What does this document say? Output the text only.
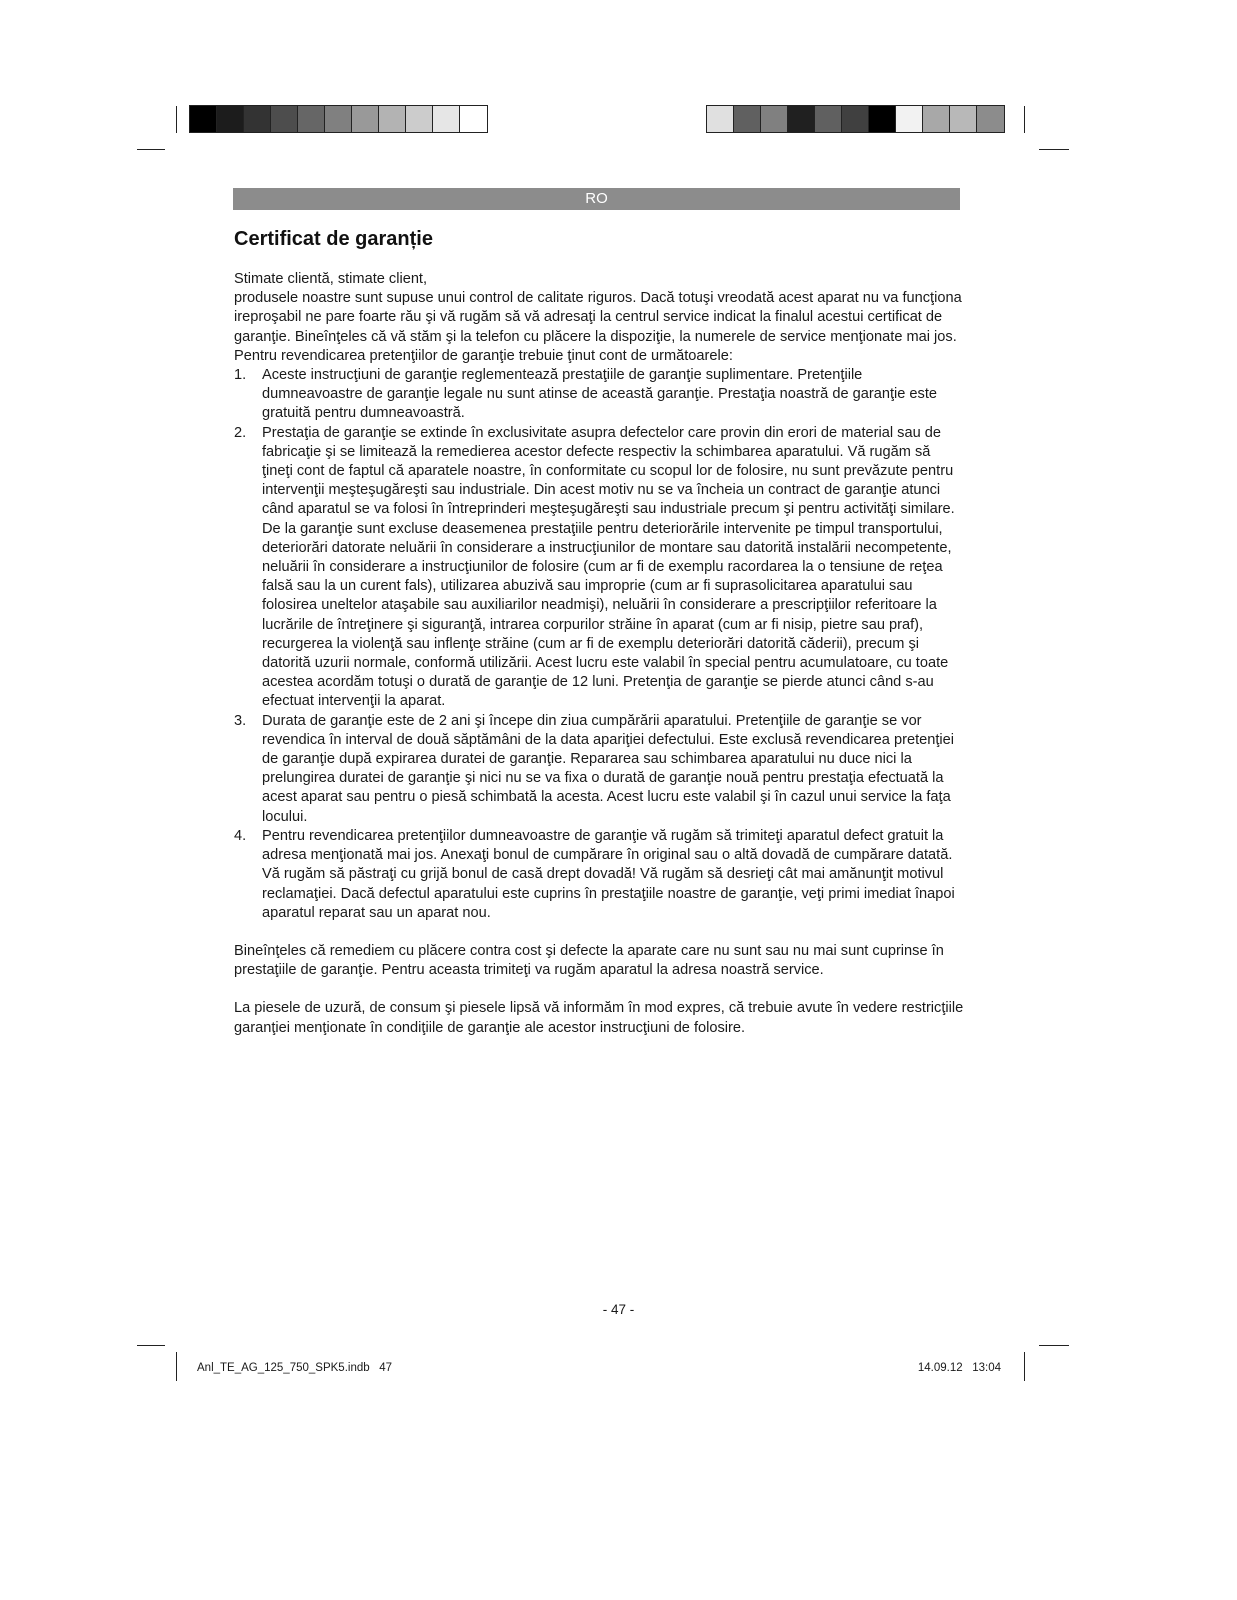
RO
Certificat de garanție

Stimate clientă, stimate client,

produsele noastre sunt supuse unui control de calitate riguros. Dacă totuşi vreodată acest aparat nu va funcţiona ireproşabil ne pare foarte rău şi vă rugăm să vă adresaţi la centrul service indicat la finalul acestui certificat de garanţie. Bineînţeles că vă stăm şi la telefon cu plăcere la dispoziţie, la numerele de service menţionate mai jos. Pentru revendicarea pretenţiilor de garanţie trebuie ţinut cont de următoarele:

1. Aceste instrucţiuni de garanţie reglementează prestaţiile de garanţie suplimentare. Pretenţiile dumneavoastre de garanţie legale nu sunt atinse de această garanţie. Prestaţia noastră de garanţie este gratuită pentru dumneavoastră.
2. Prestaţia de garanţie se extinde în exclusivitate asupra defectelor care provin din erori de material sau de fabricaţie şi se limitează la remedierea acestor defecte respectiv la schimbarea aparatului. Vă rugăm să ţineţi cont de faptul că aparatele noastre, în conformitate cu scopul lor de folosire, nu sunt prevăzute pentru intervenţii meşteşugăreşti sau industriale. Din acest motiv nu se va încheia un contract de garanţie atunci când aparatul se va folosi în întreprinderi meşteşugăreşti sau industriale precum şi pentru activităţi similare. De la garanţie sunt excluse deasemenea prestaţiile pentru deteriorările intervenite pe timpul transportului, deteriorări datorate neluării în considerare a instrucţiunilor de montare sau datorită instalării necompetente, neluării în considerare a instrucţiunilor de folosire (cum ar fi de exemplu racordarea la o tensiune de reţea falsă sau la un curent fals), utilizarea abuzivă sau improprie (cum ar fi suprasolicitarea aparatului sau folosirea uneltelor ataşabile sau auxiliarilor neadmişi), neluării în considerare a prescripţiilor referitoare la lucrările de întreţinere şi siguranţă, intrarea corpurilor străine în aparat (cum ar fi nisip, pietre sau praf), recurgerea la violenţă sau inflenţe străine (cum ar fi de exemplu deteriorări datorită căderii), precum şi datorită uzurii normale, conformă utilizării. Acest lucru este valabil în special pentru acumulatoare, cu toate acestea acordăm totuşi o durată de garanţie de 12 luni. Pretenţia de garanţie se pierde atunci când s-au efectuat intervenţii la aparat.
3. Durata de garanţie este de 2 ani şi începe din ziua cumpărării aparatului. Pretenţiile de garanţie se vor revendica în interval de două săptămâni de la data apariţiei defectului. Este exclusă revendicarea pretenţiei de garanţie după expirarea duratei de garanţie. Repararea sau schimbarea aparatului nu duce nici la prelungirea duratei de garanţie şi nici nu se va fixa o durată de garanţie nouă pentru prestaţia efectuată la acest aparat sau pentru o piesă schimbată la acesta. Acest lucru este valabil şi în cazul unui service la faţa locului.
4. Pentru revendicarea pretenţiilor dumneavoastre de garanţie vă rugăm să trimiteţi aparatul defect gratuit la adresa menţionată mai jos. Anexaţi bonul de cumpărare în original sau o altă dovadă de cumpărare datată. Vă rugăm să păstraţi cu grijă bonul de casă drept dovadă! Vă rugăm să desrieţi cât mai amănunţit motivul reclamaţiei. Dacă defectul aparatului este cuprins în prestaţiile noastre de garanţie, veţi primi imediat înapoi aparatul reparat sau un aparat nou.

Bineînţeles că remediem cu plăcere contra cost şi defecte la aparate care nu sunt sau nu mai sunt cuprinse în prestaţiile de garanţie. Pentru aceasta trimiteţi va rugăm aparatul la adresa noastră service.

La piesele de uzură, de consum şi piesele lipsă vă informăm în mod expres, că trebuie avute în vedere restricţiile garanţiei menţionate în condiţiile de garanţie ale acestor instrucţiuni de folosire.

- 47 -
Anl_TE_AG_125_750_SPK5.indb   47	14.09.12   13:04
